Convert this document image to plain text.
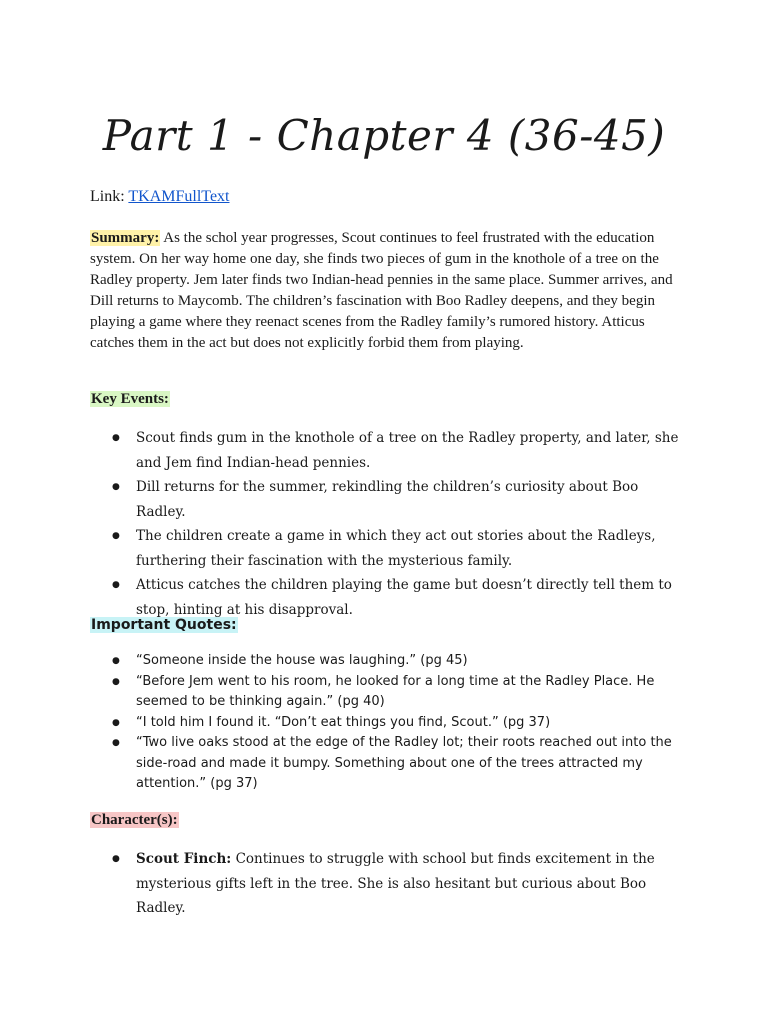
Part 1 - Chapter 4 (36-45)
Link: TKAMFullText

Summary: As the schol year progresses, Scout continues to feel frustrated with the education system. On her way home one day, she finds two pieces of gum in the knothole of a tree on the Radley property. Jem later finds two Indian-head pennies in the same place. Summer arrives, and Dill returns to Maycomb. The children’s fascination with Boo Radley deepens, and they begin playing a game where they reenact scenes from the Radley family’s rumored history. Atticus catches them in the act but does not explicitly forbid them from playing.

Key Events:
● Scout finds gum in the knothole of a tree on the Radley property, and later, she and Jem find Indian-head pennies.
● Dill returns for the summer, rekindling the children’s curiosity about Boo Radley.
● The children create a game in which they act out stories about the Radleys, furthering their fascination with the mysterious family.
● Atticus catches the children playing the game but doesn’t directly tell them to stop, hinting at his disapproval.
Important Quotes:
● “Someone inside the house was laughing.” (pg 45)
● “Before Jem went to his room, he looked for a long time at the Radley Place. He seemed to be thinking again.” (pg 40)
● “I told him I found it. “Don’t eat things you find, Scout.” (pg 37)
● “Two live oaks stood at the edge of the Radley lot; their roots reached out into the side-road and made it bumpy. Something about one of the trees attracted my attention.” (pg 37)
Character(s):
● Scout Finch: Continues to struggle with school but finds excitement in the mysterious gifts left in the tree. She is also hesitant but curious about Boo Radley.
